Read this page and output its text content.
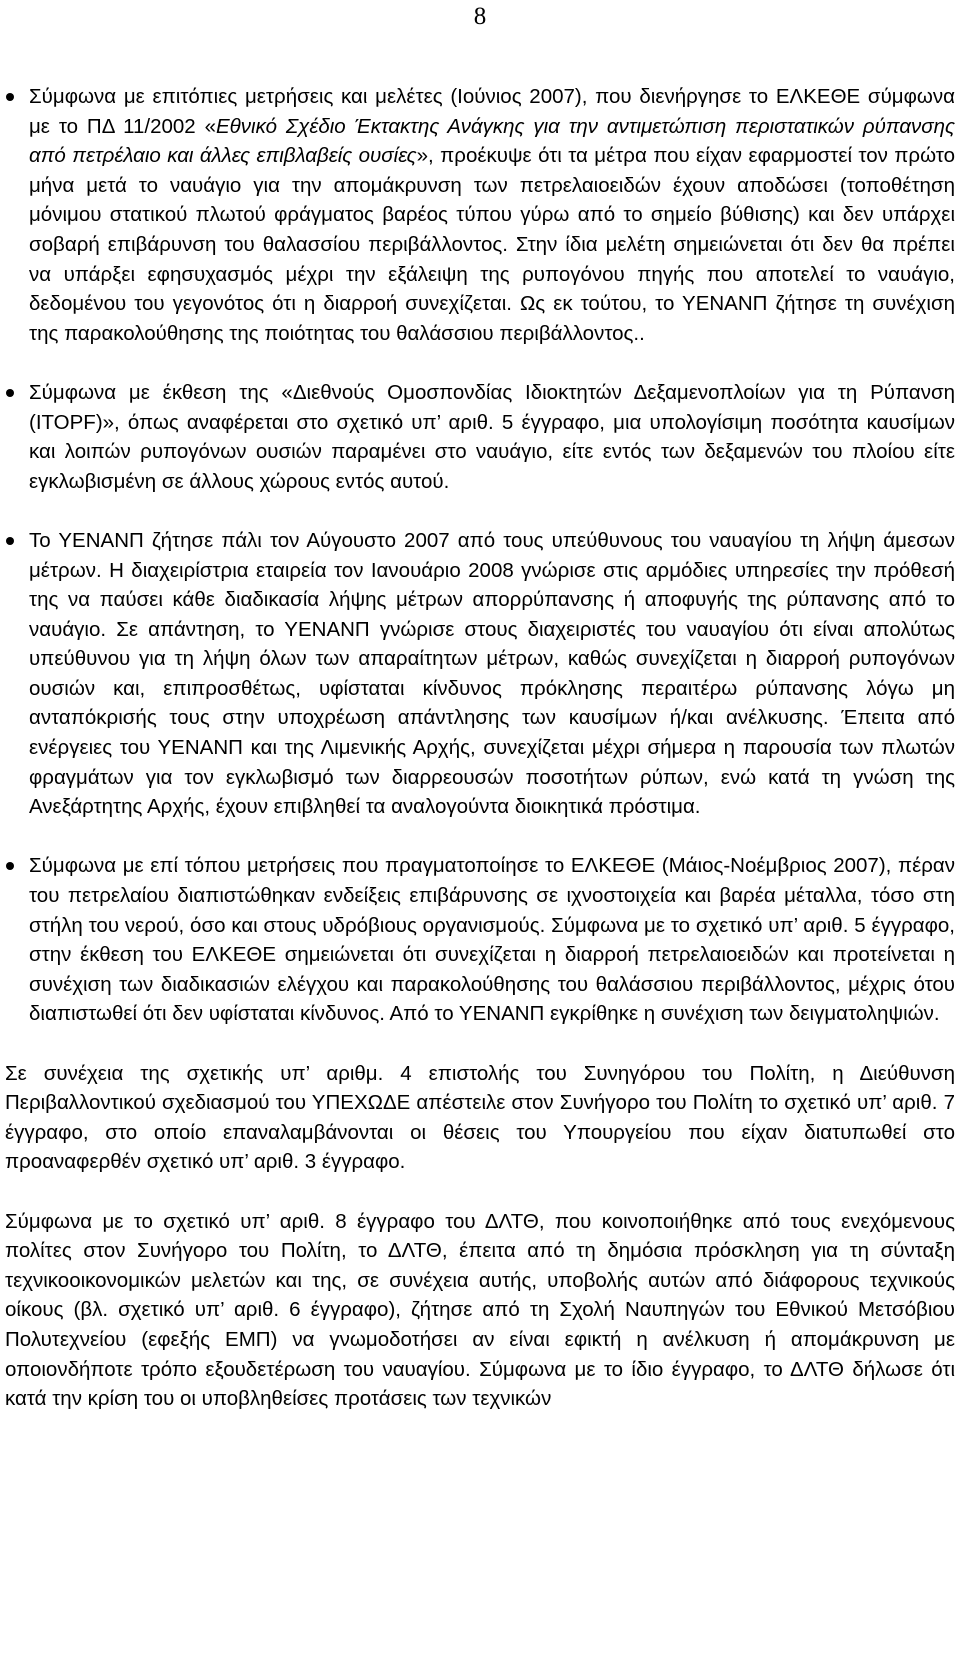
8
Σύμφωνα με επιτόπιες μετρήσεις και μελέτες (Ιούνιος 2007), που διενήργησε το ΕΛΚΕΘΕ σύμφωνα με το ΠΔ 11/2002 «Εθνικό Σχέδιο Έκτακτης Ανάγκης για την αντιμετώπιση περιστατικών ρύπανσης από πετρέλαιο και άλλες επιβλαβείς ουσίες», προέκυψε ότι τα μέτρα που είχαν εφαρμοστεί τον πρώτο μήνα μετά το ναυάγιο για την απομάκρυνση των πετρελαιοειδών έχουν αποδώσει (τοποθέτηση μόνιμου στατικού πλωτού φράγματος βαρέος τύπου γύρω από το σημείο βύθισης) και δεν υπάρχει σοβαρή επιβάρυνση του θαλασσίου περιβάλλοντος. Στην ίδια μελέτη σημειώνεται ότι δεν θα πρέπει να υπάρξει εφησυχασμός μέχρι την εξάλειψη της ρυπογόνου πηγής που αποτελεί το ναυάγιο, δεδομένου του γεγονότος ότι η διαρροή συνεχίζεται. Ως εκ τούτου, το ΥΕΝΑΝΠ ζήτησε τη συνέχιση της παρακολούθησης της ποιότητας του θαλάσσιου περιβάλλοντος..
Σύμφωνα με έκθεση της «Διεθνούς Ομοσπονδίας Ιδιοκτητών Δεξαμενοπλοίων για τη Ρύπανση (ITOPF)», όπως αναφέρεται στο σχετικό υπ’ αριθ. 5 έγγραφο, μια υπολογίσιμη ποσότητα καυσίμων και λοιπών ρυπογόνων ουσιών παραμένει στο ναυάγιο, είτε εντός των δεξαμενών του πλοίου είτε εγκλωβισμένη σε άλλους χώρους εντός αυτού.
Το ΥΕΝΑΝΠ ζήτησε πάλι τον Αύγουστο 2007 από τους υπεύθυνους του ναυαγίου τη λήψη άμεσων μέτρων. Η διαχειρίστρια εταιρεία τον Ιανουάριο 2008 γνώρισε στις αρμόδιες υπηρεσίες την πρόθεσή της να παύσει κάθε διαδικασία λήψης μέτρων απορρύπανσης ή αποφυγής της ρύπανσης από το ναυάγιο. Σε απάντηση, το ΥΕΝΑΝΠ γνώρισε στους διαχειριστές του ναυαγίου ότι είναι απολύτως υπεύθυνου για τη λήψη όλων των απαραίτητων μέτρων, καθώς συνεχίζεται η διαρροή ρυπογόνων ουσιών και, επιπροσθέτως, υφίσταται κίνδυνος πρόκλησης περαιτέρω ρύπανσης λόγω μη ανταπόκρισής τους στην υποχρέωση απάντλησης των καυσίμων ή/και ανέλκυσης. Έπειτα από ενέργειες του ΥΕΝΑΝΠ και της Λιμενικής Αρχής, συνεχίζεται μέχρι σήμερα η παρουσία των πλωτών φραγμάτων για τον εγκλωβισμό των διαρρεουσών ποσοτήτων ρύπων, ενώ κατά τη γνώση της Ανεξάρτητης Αρχής, έχουν επιβληθεί τα αναλογούντα διοικητικά πρόστιμα.
Σύμφωνα με επί τόπου μετρήσεις που πραγματοποίησε το ΕΛΚΕΘΕ (Μάιος-Νοέμβριος 2007), πέραν του πετρελαίου διαπιστώθηκαν ενδείξεις επιβάρυνσης σε ιχνοστοιχεία και βαρέα μέταλλα, τόσο στη στήλη του νερού, όσο και στους υδρόβιους οργανισμούς. Σύμφωνα με το σχετικό υπ’ αριθ. 5 έγγραφο, στην έκθεση του ΕΛΚΕΘΕ σημειώνεται ότι συνεχίζεται η διαρροή πετρελαιοειδών και προτείνεται η συνέχιση των διαδικασιών ελέγχου και παρακολούθησης του θαλάσσιου περιβάλλοντος, μέχρις ότου διαπιστωθεί ότι δεν υφίσταται κίνδυνος. Από το ΥΕΝΑΝΠ εγκρίθηκε η συνέχιση των δειγματοληψιών.

Σε συνέχεια της σχετικής υπ’ αριθμ. 4 επιστολής του Συνηγόρου του Πολίτη, η Διεύθυνση Περιβαλλοντικού σχεδιασμού του ΥΠΕΧΩΔΕ απέστειλε στον Συνήγορο του Πολίτη το σχετικό υπ’ αριθ. 7 έγγραφο, στο οποίο επαναλαμβάνονται οι θέσεις του Υπουργείου που είχαν διατυπωθεί στο προαναφερθέν σχετικό υπ’ αριθ. 3 έγγραφο.

Σύμφωνα με το σχετικό υπ’ αριθ. 8 έγγραφο του ΔΛΤΘ, που κοινοποιήθηκε από τους ενεχόμενους πολίτες στον Συνήγορο του Πολίτη, το ΔΛΤΘ, έπειτα από τη δημόσια πρόσκληση για τη σύνταξη τεχνικοοικονομικών μελετών και της, σε συνέχεια αυτής, υποβολής αυτών από διάφορους τεχνικούς οίκους (βλ. σχετικό υπ’ αριθ. 6 έγγραφο), ζήτησε από τη Σχολή Ναυπηγών του Εθνικού Μετσόβιου Πολυτεχνείου (εφεξής ΕΜΠ) να γνωμοδοτήσει αν είναι εφικτή η ανέλκυση ή απομάκρυνση με οποιονδήποτε τρόπο εξουδετέρωση του ναυαγίου. Σύμφωνα με το ίδιο έγγραφο, το ΔΛΤΘ δήλωσε ότι κατά την κρίση του οι υποβληθείσες προτάσεις των τεχνικών
